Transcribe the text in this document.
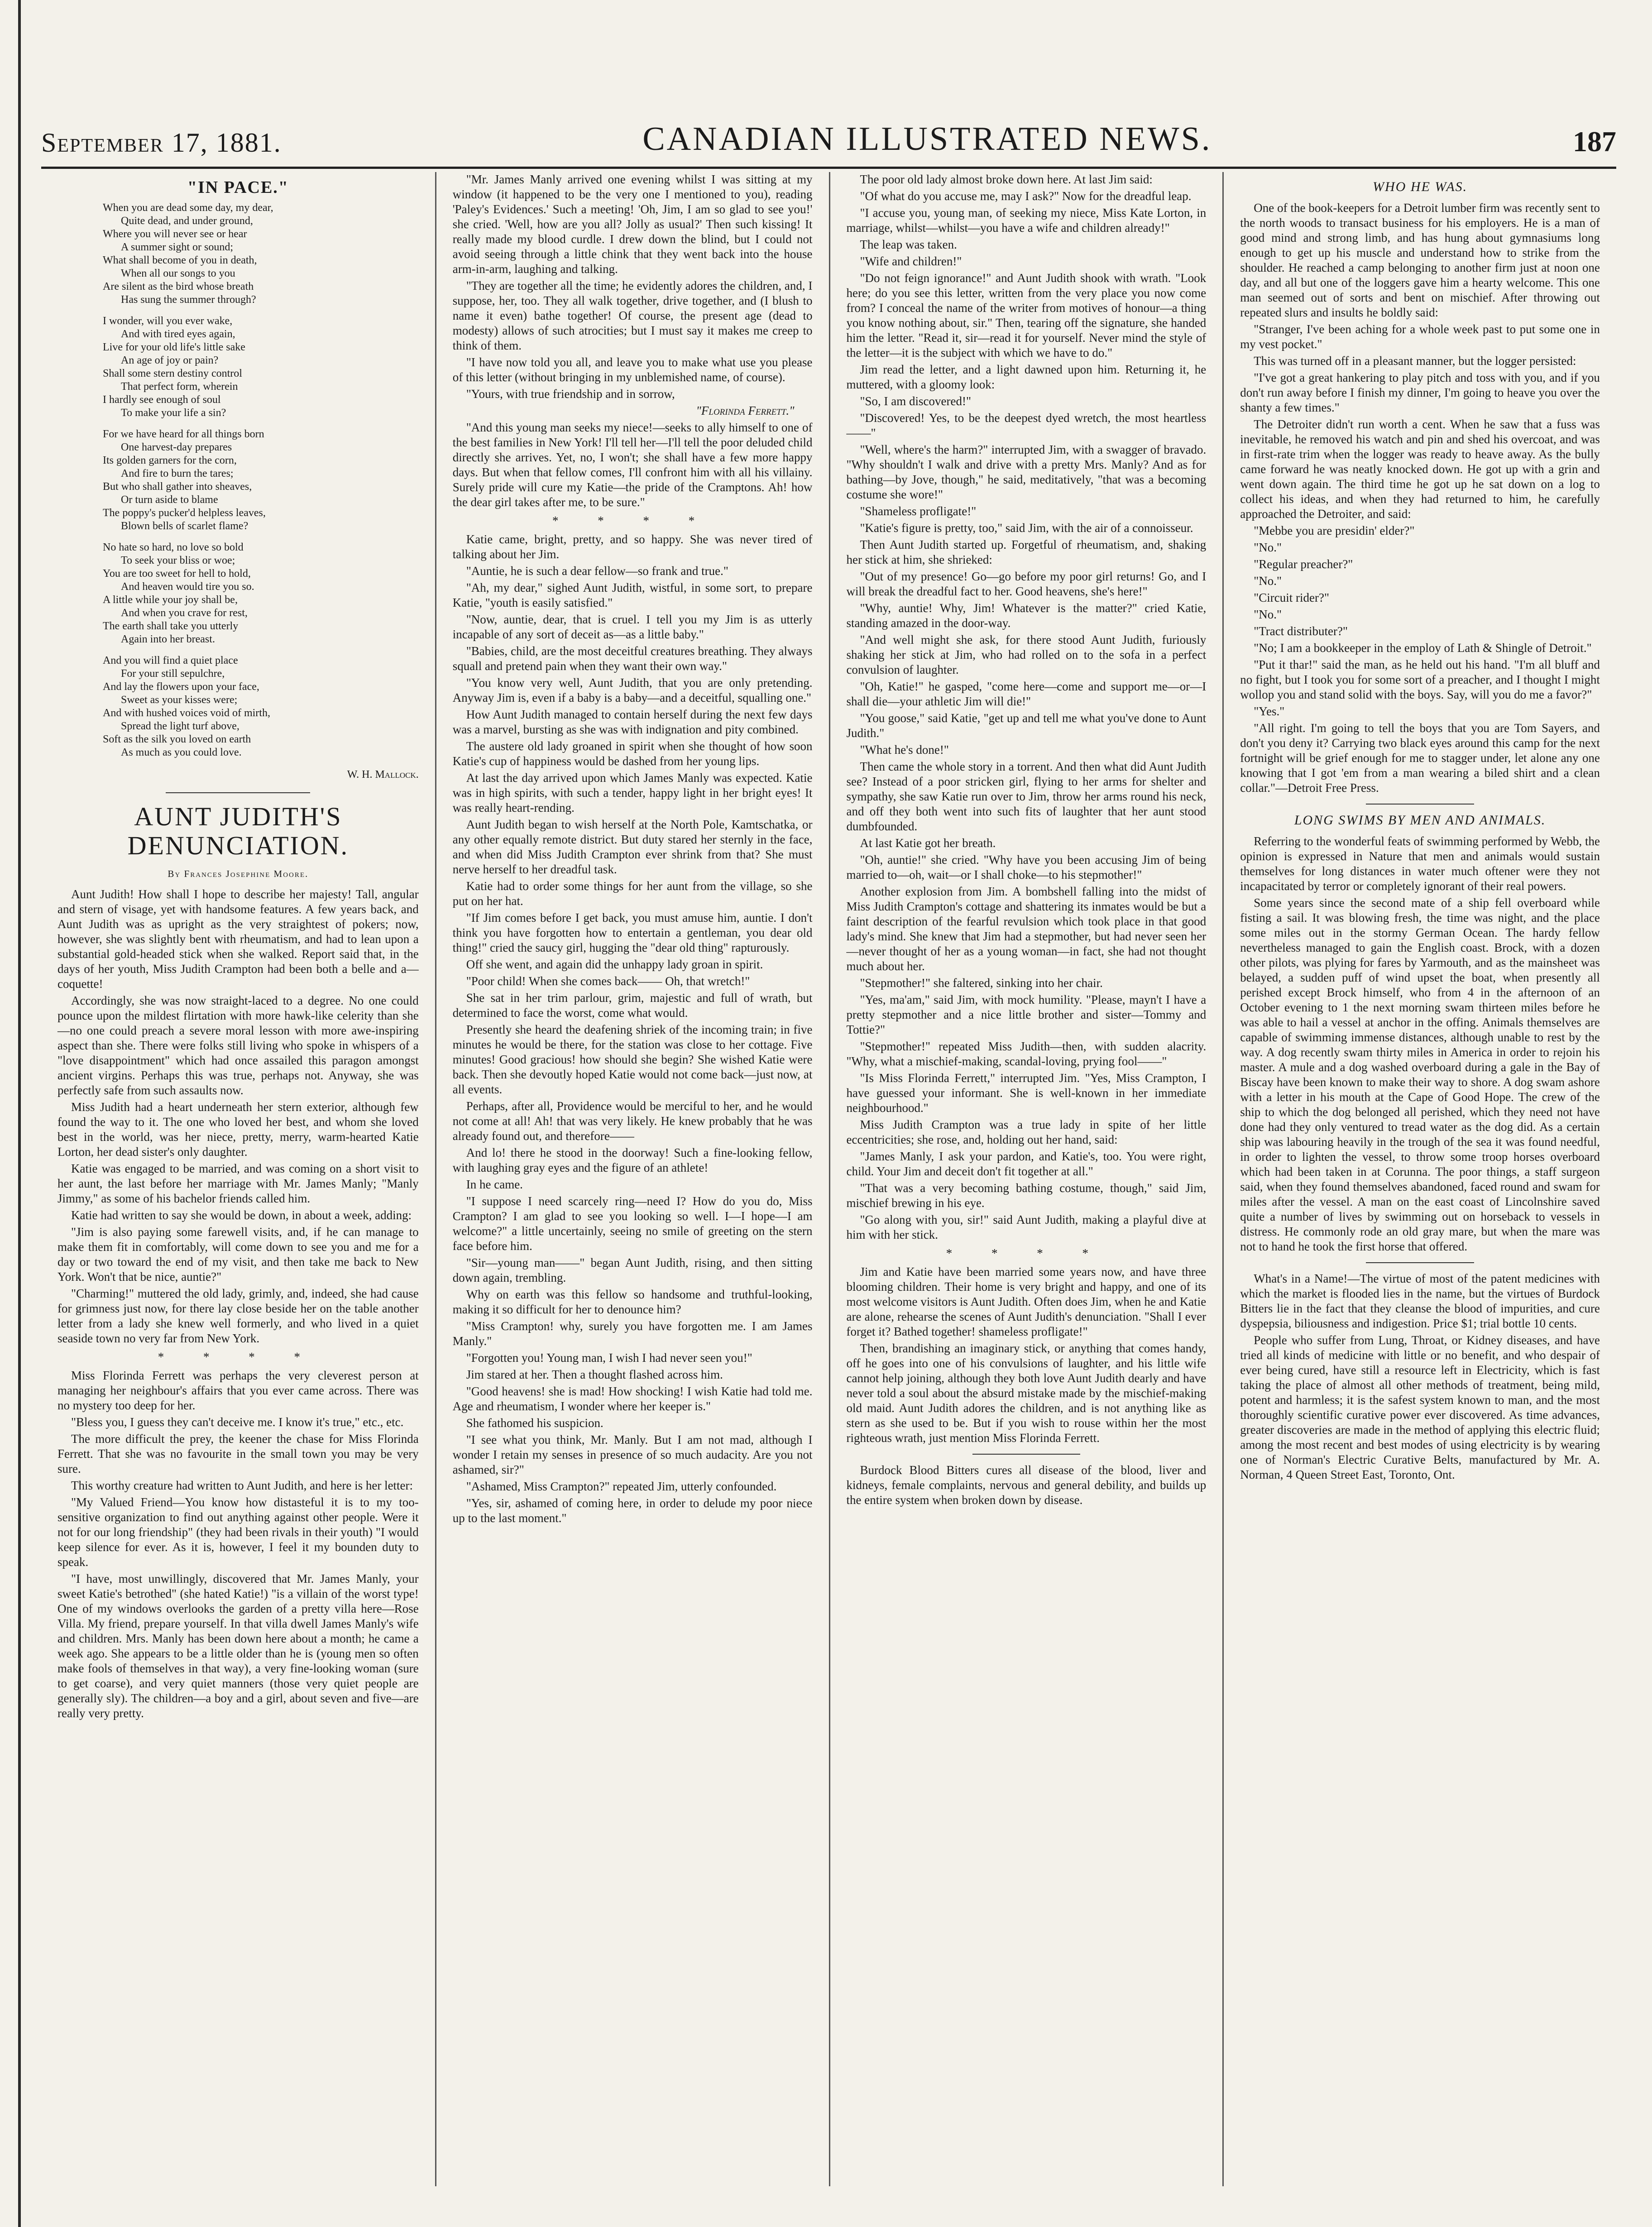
September 17, 1881.	CANADIAN ILLUSTRATED NEWS.	187
"IN PACE."
When you are dead some day, my dear,
Quite dead, and under ground,
Where you will never see or hear
A summer sight or sound;
What shall become of you in death,
When all our songs to you
Are silent as the bird whose breath
Has sung the summer through?
I wonder, will you ever wake,
And with tired eyes again,
Live for your old life's little sake
An age of joy or pain?
Shall some stern destiny control
That perfect form, wherein
I hardly see enough of soul
To make your life a sin?
For we have heard for all things born
One harvest-day prepares
Its golden garners for the corn,
And fire to burn the tares;
But who shall gather into sheaves,
Or turn aside to blame
The poppy's pucker'd helpless leaves,
Blown bells of scarlet flame?
No hate so hard, no love so bold
To seek your bliss or woe;
You are too sweet for hell to hold,
And heaven would tire you so.
A little while your joy shall be,
And when you crave for rest,
The earth shall take you utterly
Again into her breast.
And you will find a quiet place
For your still sepulchre,
And lay the flowers upon your face,
Sweet as your kisses were;
And with hushed voices void of mirth,
Spread the light turf above,
Soft as the silk you loved on earth
As much as you could love.
W. H. Mallock.
AUNT JUDITH'S DENUNCIATION.
By Frances Josephine Moore.

Aunt Judith! How shall I hope to describe her majesty! Tall, angular and stern of visage, yet with handsome features. A few years back, and Aunt Judith was as upright as the very straightest of pokers; now, however, she was slightly bent with rheumatism, and had to lean upon a substantial gold-headed stick when she walked. Report said that, in the days of her youth, Miss Judith Crampton had been both a belle and a—coquette!

Accordingly, she was now straight-laced to a degree. No one could pounce upon the mildest flirtation with more hawk-like celerity than she—no one could preach a severe moral lesson with more awe-inspiring aspect than she. There were folks still living who spoke in whispers of a "love disappointment" which had once assailed this paragon amongst ancient virgins. Perhaps this was true, perhaps not. Anyway, she was perfectly safe from such assaults now.

Miss Judith had a heart underneath her stern exterior, although few found the way to it. The one who loved her best, and whom she loved best in the world, was her niece, pretty, merry, warm-hearted Katie Lorton, her dead sister's only daughter.

Katie was engaged to be married, and was coming on a short visit to her aunt, the last before her marriage with Mr. James Manly; "Manly Jimmy," as some of his bachelor friends called him.

Katie had written to say she would be down, in about a week, adding:

"Jim is also paying some farewell visits, and, if he can manage to make them fit in comfortably, will come down to see you and me for a day or two toward the end of my visit, and then take me back to New York. Won't that be nice, auntie?"

"Charming!" muttered the old lady, grimly, and, indeed, she had cause for grimness just now, for there lay close beside her on the table another letter from a lady she knew well formerly, and who lived in a quiet seaside town no very far from New York.

* * * *

Miss Florinda Ferrett was perhaps the very cleverest person at managing her neighbour's affairs that you ever came across. There was no mystery too deep for her.

"Bless you, I guess they can't deceive me. I know it's true," etc., etc.

The more difficult the prey, the keener the chase for Miss Florinda Ferrett. That she was no favourite in the small town you may be very sure.

This worthy creature had written to Aunt Judith, and here is her letter:

"My Valued Friend—You know how distasteful it is to my too-sensitive organization to find out anything against other people. Were it not for our long friendship" (they had been rivals in their youth) "I would keep silence for ever. As it is, however, I feel it my bounden duty to speak.

"I have, most unwillingly, discovered that Mr. James Manly, your sweet Katie's betrothed" (she hated Katie!) "is a villain of the worst type! One of my windows overlooks the garden of a pretty villa here—Rose Villa. My friend, prepare yourself. In that villa dwell James Manly's wife and children. Mrs. Manly has been down here about a month; he came a week ago. She appears to be a little older than he is (young men so often make fools of themselves in that way), a very fine-looking woman (sure to get coarse), and very quiet manners (those very quiet people are generally sly). The children—a boy and a girl, about seven and five—are really very pretty.

"Mr. James Manly arrived one evening whilst I was sitting at my window (it happened to be the very one I mentioned to you), reading 'Paley's Evidences.' Such a meeting! 'Oh, Jim, I am so glad to see you!' she cried. 'Well, how are you all? Jolly as usual?' Then such kissing! It really made my blood curdle. I drew down the blind, but I could not avoid seeing through a little chink that they went back into the house arm-in-arm, laughing and talking.

"They are together all the time; he evidently adores the children, and, I suppose, her, too. They all walk together, drive together, and (I blush to name it even) bathe together! Of course, the present age (dead to modesty) allows of such atrocities; but I must say it makes me creep to think of them.

"I have now told you all, and leave you to make what use you please of this letter (without bringing in my unblemished name, of course).

"Yours, with true friendship and in sorrow,

"Florinda Ferrett."

"And this young man seeks my niece!—seeks to ally himself to one of the best families in New York! I'll tell her—I'll tell the poor deluded child directly she arrives. Yet, no, I won't; she shall have a few more happy days. But when that fellow comes, I'll confront him with all his villainy. Surely pride will cure my Katie—the pride of the Cramptons. Ah! how the dear girl takes after me, to be sure."

* * * *

Katie came, bright, pretty, and so happy. She was never tired of talking about her Jim.

"Auntie, he is such a dear fellow—so frank and true."

"Ah, my dear," sighed Aunt Judith, wistful, in some sort, to prepare Katie, "youth is easily satisfied."

"Now, auntie, dear, that is cruel. I tell you my Jim is as utterly incapable of any sort of deceit as—as a little baby."

"Babies, child, are the most deceitful creatures breathing. They always squall and pretend pain when they want their own way."

"You know very well, Aunt Judith, that you are only pretending. Anyway Jim is, even if a baby is a baby—and a deceitful, squalling one."

How Aunt Judith managed to contain herself during the next few days was a marvel, bursting as she was with indignation and pity combined.

The austere old lady groaned in spirit when she thought of how soon Katie's cup of happiness would be dashed from her young lips.

At last the day arrived upon which James Manly was expected. Katie was in high spirits, with such a tender, happy light in her bright eyes! It was really heart-rending.

Aunt Judith began to wish herself at the North Pole, Kamtschatka, or any other equally remote district. But duty stared her sternly in the face, and when did Miss Judith Crampton ever shrink from that? She must nerve herself to her dreadful task.

Katie had to order some things for her aunt from the village, so she put on her hat.

"If Jim comes before I get back, you must amuse him, auntie. I don't think you have forgotten how to entertain a gentleman, you dear old thing!" cried the saucy girl, hugging the "dear old thing" rapturously.

Off she went, and again did the unhappy lady groan in spirit.

"Poor child! When she comes back—— Oh, that wretch!"

She sat in her trim parlour, grim, majestic and full of wrath, but determined to face the worst, come what would.

Presently she heard the deafening shriek of the incoming train; in five minutes he would be there, for the station was close to her cottage. Five minutes! Good gracious! how should she begin? She wished Katie were back. Then she devoutly hoped Katie would not come back—just now, at all events.

Perhaps, after all, Providence would be merciful to her, and he would not come at all! Ah! that was very likely. He knew probably that he was already found out, and therefore——

And lo! there he stood in the doorway! Such a fine-looking fellow, with laughing gray eyes and the figure of an athlete!

In he came.

"I suppose I need scarcely ring—need I? How do you do, Miss Crampton? I am glad to see you looking so well. I—I hope—I am welcome?" a little uncertainly, seeing no smile of greeting on the stern face before him.

"Sir—young man——" began Aunt Judith, rising, and then sitting down again, trembling.

Why on earth was this fellow so handsome and truthful-looking, making it so difficult for her to denounce him?

"Miss Crampton! why, surely you have forgotten me. I am James Manly."

"Forgotten you! Young man, I wish I had never seen you!"

Jim stared at her. Then a thought flashed across him.

"Good heavens! she is mad! How shocking! I wish Katie had told me. Age and rheumatism, I wonder where her keeper is."

She fathomed his suspicion.

"I see what you think, Mr. Manly. But I am not mad, although I wonder I retain my senses in presence of so much audacity. Are you not ashamed, sir?"

"Ashamed, Miss Crampton?" repeated Jim, utterly confounded.

"Yes, sir, ashamed of coming here, in order to delude my poor niece up to the last moment."

The poor old lady almost broke down here. At last Jim said:

"Of what do you accuse me, may I ask?" Now for the dreadful leap.

"I accuse you, young man, of seeking my niece, Miss Kate Lorton, in marriage, whilst—whilst—you have a wife and children already!"

The leap was taken.

"Wife and children!"

"Do not feign ignorance!" and Aunt Judith shook with wrath. "Look here; do you see this letter, written from the very place you now come from? I conceal the name of the writer from motives of honour—a thing you know nothing about, sir." Then, tearing off the signature, she handed him the letter. "Read it, sir—read it for yourself. Never mind the style of the letter—it is the subject with which we have to do."

Jim read the letter, and a light dawned upon him. Returning it, he muttered, with a gloomy look:

"So, I am discovered!"

"Discovered! Yes, to be the deepest dyed wretch, the most heartless——"

"Well, where's the harm?" interrupted Jim, with a swagger of bravado. "Why shouldn't I walk and drive with a pretty Mrs. Manly? And as for bathing—by Jove, though," he said, meditatively, "that was a becoming costume she wore!"

"Shameless profligate!"

"Katie's figure is pretty, too," said Jim, with the air of a connoisseur.

Then Aunt Judith started up. Forgetful of rheumatism, and, shaking her stick at him, she shrieked:

"Out of my presence! Go—go before my poor girl returns! Go, and I will break the dreadful fact to her. Good heavens, she's here!"

"Why, auntie! Why, Jim! Whatever is the matter?" cried Katie, standing amazed in the door-way.

"And well might she ask, for there stood Aunt Judith, furiously shaking her stick at Jim, who had rolled on to the sofa in a perfect convulsion of laughter.

"Oh, Katie!" he gasped, "come here—come and support me—or—I shall die—your athletic Jim will die!"

"You goose," said Katie, "get up and tell me what you've done to Aunt Judith."

"What he's done!"

Then came the whole story in a torrent. And then what did Aunt Judith see? Instead of a poor stricken girl, flying to her arms for shelter and sympathy, she saw Katie run over to Jim, throw her arms round his neck, and off they both went into such fits of laughter that her aunt stood dumbfounded.

At last Katie got her breath.

"Oh, auntie!" she cried. "Why have you been accusing Jim of being married to—oh, wait—or I shall choke—to his stepmother!"

Another explosion from Jim. A bombshell falling into the midst of Miss Judith Crampton's cottage and shattering its inmates would be but a faint description of the fearful revulsion which took place in that good lady's mind. She knew that Jim had a stepmother, but had never seen her—never thought of her as a young woman—in fact, she had not thought much about her.

"Stepmother!" she faltered, sinking into her chair.

"Yes, ma'am," said Jim, with mock humility. "Please, mayn't I have a pretty stepmother and a nice little brother and sister—Tommy and Tottie?"

"Stepmother!" repeated Miss Judith—then, with sudden alacrity. "Why, what a mischief-making, scandal-loving, prying fool——"

"Is Miss Florinda Ferrett," interrupted Jim. "Yes, Miss Crampton, I have guessed your informant. She is well-known in her immediate neighbourhood."

Miss Judith Crampton was a true lady in spite of her little eccentricities; she rose, and, holding out her hand, said:

"James Manly, I ask your pardon, and Katie's, too. You were right, child. Your Jim and deceit don't fit together at all."

"That was a very becoming bathing costume, though," said Jim, mischief brewing in his eye.

"Go along with you, sir!" said Aunt Judith, making a playful dive at him with her stick.

* * * *

Jim and Katie have been married some years now, and have three blooming children. Their home is very bright and happy, and one of its most welcome visitors is Aunt Judith. Often does Jim, when he and Katie are alone, rehearse the scenes of Aunt Judith's denunciation. "Shall I ever forget it? Bathed together! shameless profligate!"

Then, brandishing an imaginary stick, or anything that comes handy, off he goes into one of his convulsions of laughter, and his little wife cannot help joining, although they both love Aunt Judith dearly and have never told a soul about the absurd mistake made by the mischief-making old maid. Aunt Judith adores the children, and is not anything like as stern as she used to be. But if you wish to rouse within her the most righteous wrath, just mention Miss Florinda Ferrett.

Burdock Blood Bitters cures all disease of the blood, liver and kidneys, female complaints, nervous and general debility, and builds up the entire system when broken down by disease.

WHO HE WAS.

One of the book-keepers for a Detroit lumber firm was recently sent to the north woods to transact business for his employers. He is a man of good mind and strong limb, and has hung about gymnasiums long enough to get up his muscle and understand how to strike from the shoulder. He reached a camp belonging to another firm just at noon one day, and all but one of the loggers gave him a hearty welcome. This one man seemed out of sorts and bent on mischief. After throwing out repeated slurs and insults he boldly said:

"Stranger, I've been aching for a whole week past to put some one in my vest pocket."

This was turned off in a pleasant manner, but the logger persisted:

"I've got a great hankering to play pitch and toss with you, and if you don't run away before I finish my dinner, I'm going to heave you over the shanty a few times."

The Detroiter didn't run worth a cent. When he saw that a fuss was inevitable, he removed his watch and pin and shed his overcoat, and was in first-rate trim when the logger was ready to heave away. As the bully came forward he was neatly knocked down. He got up with a grin and went down again. The third time he got up he sat down on a log to collect his ideas, and when they had returned to him, he carefully approached the Detroiter, and said:

"Mebbe you are presidin' elder?"

"No."

"Regular preacher?"

"No."

"Circuit rider?"

"No."

"Tract distributer?"

"No; I am a bookkeeper in the employ of Lath & Shingle of Detroit."

"Put it thar!" said the man, as he held out his hand. "I'm all bluff and no fight, but I took you for some sort of a preacher, and I thought I might wollop you and stand solid with the boys. Say, will you do me a favor?"

"Yes."

"All right. I'm going to tell the boys that you are Tom Sayers, and don't you deny it? Carrying two black eyes around this camp for the next fortnight will be grief enough for me to stagger under, let alone any one knowing that I got 'em from a man wearing a biled shirt and a clean collar."—Detroit Free Press.

LONG SWIMS BY MEN AND ANIMALS.

Referring to the wonderful feats of swimming performed by Webb, the opinion is expressed in Nature that men and animals would sustain themselves for long distances in water much oftener were they not incapacitated by terror or completely ignorant of their real powers.

Some years since the second mate of a ship fell overboard while fisting a sail. It was blowing fresh, the time was night, and the place some miles out in the stormy German Ocean. The hardy fellow nevertheless managed to gain the English coast. Brock, with a dozen other pilots, was plying for fares by Yarmouth, and as the mainsheet was belayed, a sudden puff of wind upset the boat, when presently all perished except Brock himself, who from 4 in the afternoon of an October evening to 1 the next morning swam thirteen miles before he was able to hail a vessel at anchor in the offing. Animals themselves are capable of swimming immense distances, although unable to rest by the way. A dog recently swam thirty miles in America in order to rejoin his master. A mule and a dog washed overboard during a gale in the Bay of Biscay have been known to make their way to shore. A dog swam ashore with a letter in his mouth at the Cape of Good Hope. The crew of the ship to which the dog belonged all perished, which they need not have done had they only ventured to tread water as the dog did. As a certain ship was labouring heavily in the trough of the sea it was found needful, in order to lighten the vessel, to throw some troop horses overboard which had been taken in at Corunna. The poor things, a staff surgeon said, when they found themselves abandoned, faced round and swam for miles after the vessel. A man on the east coast of Lincolnshire saved quite a number of lives by swimming out on horseback to vessels in distress. He commonly rode an old gray mare, but when the mare was not to hand he took the first horse that offered.

What's in a Name!—The virtue of most of the patent medicines with which the market is flooded lies in the name, but the virtues of Burdock Bitters lie in the fact that they cleanse the blood of impurities, and cure dyspepsia, biliousness and indigestion. Price $1; trial bottle 10 cents.

People who suffer from Lung, Throat, or Kidney diseases, and have tried all kinds of medicine with little or no benefit, and who despair of ever being cured, have still a resource left in Electricity, which is fast taking the place of almost all other methods of treatment, being mild, potent and harmless; it is the safest system known to man, and the most thoroughly scientific curative power ever discovered. As time advances, greater discoveries are made in the method of applying this electric fluid; among the most recent and best modes of using electricity is by wearing one of Norman's Electric Curative Belts, manufactured by Mr. A. Norman, 4 Queen Street East, Toronto, Ont.
